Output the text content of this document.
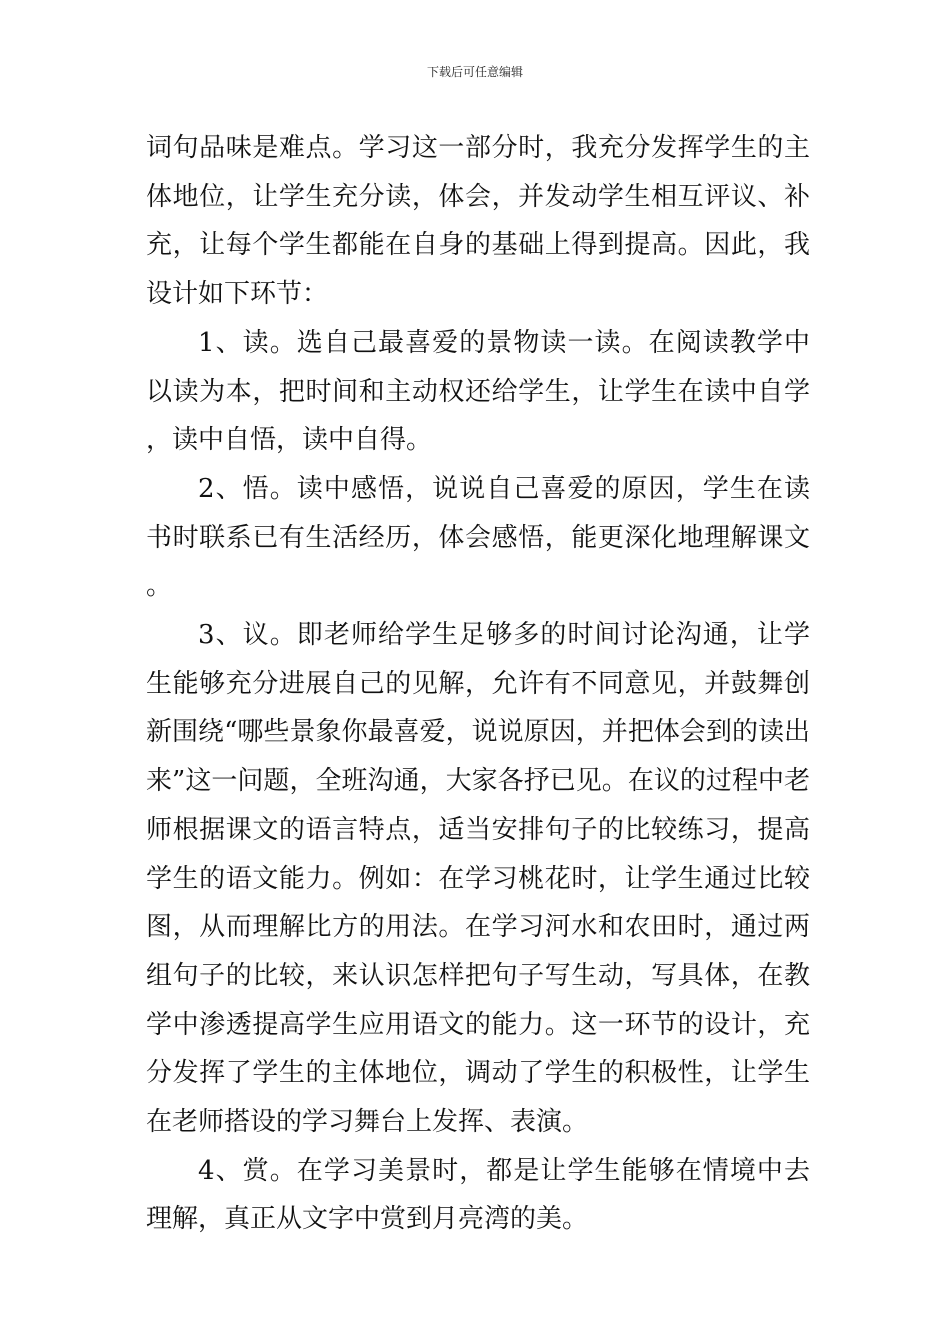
下载后可任意编辑

词句品味是难点。学习这一部分时，我充分发挥学生的主体地位，让学生充分读，体会，并发动学生相互评议、补充，让每个学生都能在自身的基础上得到提高。因此，我设计如下环节：

1、读。选自己最喜爱的景物读一读。在阅读教学中以读为本，把时间和主动权还给学生，让学生在读中自学，读中自悟，读中自得。

2、悟。读中感悟，说说自己喜爱的原因，学生在读书时联系已有生活经历，体会感悟，能更深化地理解课文。

3、议。即老师给学生足够多的时间讨论沟通，让学生能够充分进展自己的见解，允许有不同意见，并鼓舞创新围绕“哪些景象你最喜爱，说说原因，并把体会到的读出来”这一问题，全班沟通，大家各抒已见。在议的过程中老师根据课文的语言特点，适当安排句子的比较练习，提高学生的语文能力。例如：在学习桃花时，让学生通过比较图，从而理解比方的用法。在学习河水和农田时，通过两组句子的比较，来认识怎样把句子写生动，写具体，在教学中渗透提高学生应用语文的能力。这一环节的设计，充分发挥了学生的主体地位，调动了学生的积极性，让学生在老师搭设的学习舞台上发挥、表演。

4、赏。在学习美景时，都是让学生能够在情境中去理解，真正从文字中赏到月亮湾的美。
